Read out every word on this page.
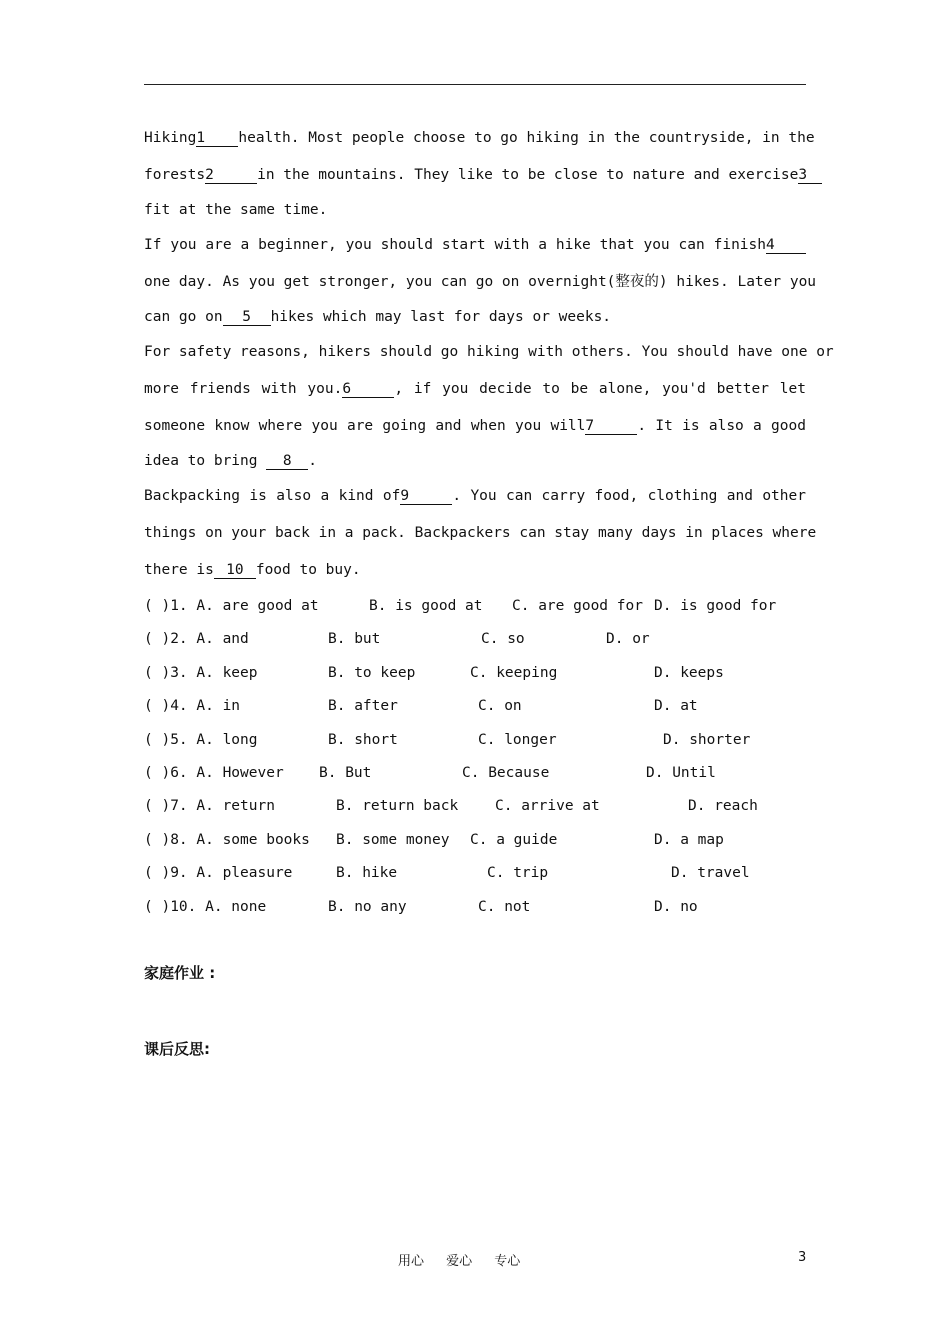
Hiking1 health. Most people choose to go hiking in the countryside, in the
forests2	in the mountains. They like to be close to nature and exercise3
fit at the same time.
If you are a beginner, you should start with a hike that you can finish4
one day. As you get stronger, you can go on overnight(整夜的) hikes. Later you
can go on 5 hikes which may last for days or weeks.
For safety reasons, hikers should go hiking with others. You should have one or
more friends with you.6	, if you decide to be alone, you'd better let
someone know where you are going and when you will7	. It is also a good
idea to bring 8 .
Backpacking is also a kind of9	. You can carry food, clothing and other
things on your back in a pack. Backpackers can stay many days in places where
there is 10 food to buy.
( )1. A. are good at	B. is good at C. are good for D. is good for
( )2. A. and	B. but	C. so	D. or
( )3. A. keep	B. to keep	C. keeping	D. keeps
( )4. A. in	B. after	C. on	D. at
( )5. A. long	B. short	C. longer	D. shorter
( )6. A. However B. But	C. Because	D. Until
( )7. A. return	B. return back	C. arrive at	D. reach
( )8. A. some books B. some money C. a guide	D. a map
( )9. A. pleasure	B. hike	C. trip	D. travel
( )10. A. none	B. no any	C. not	D. no
家庭作业 :
课后反思:
用心 爱心 专心	3
